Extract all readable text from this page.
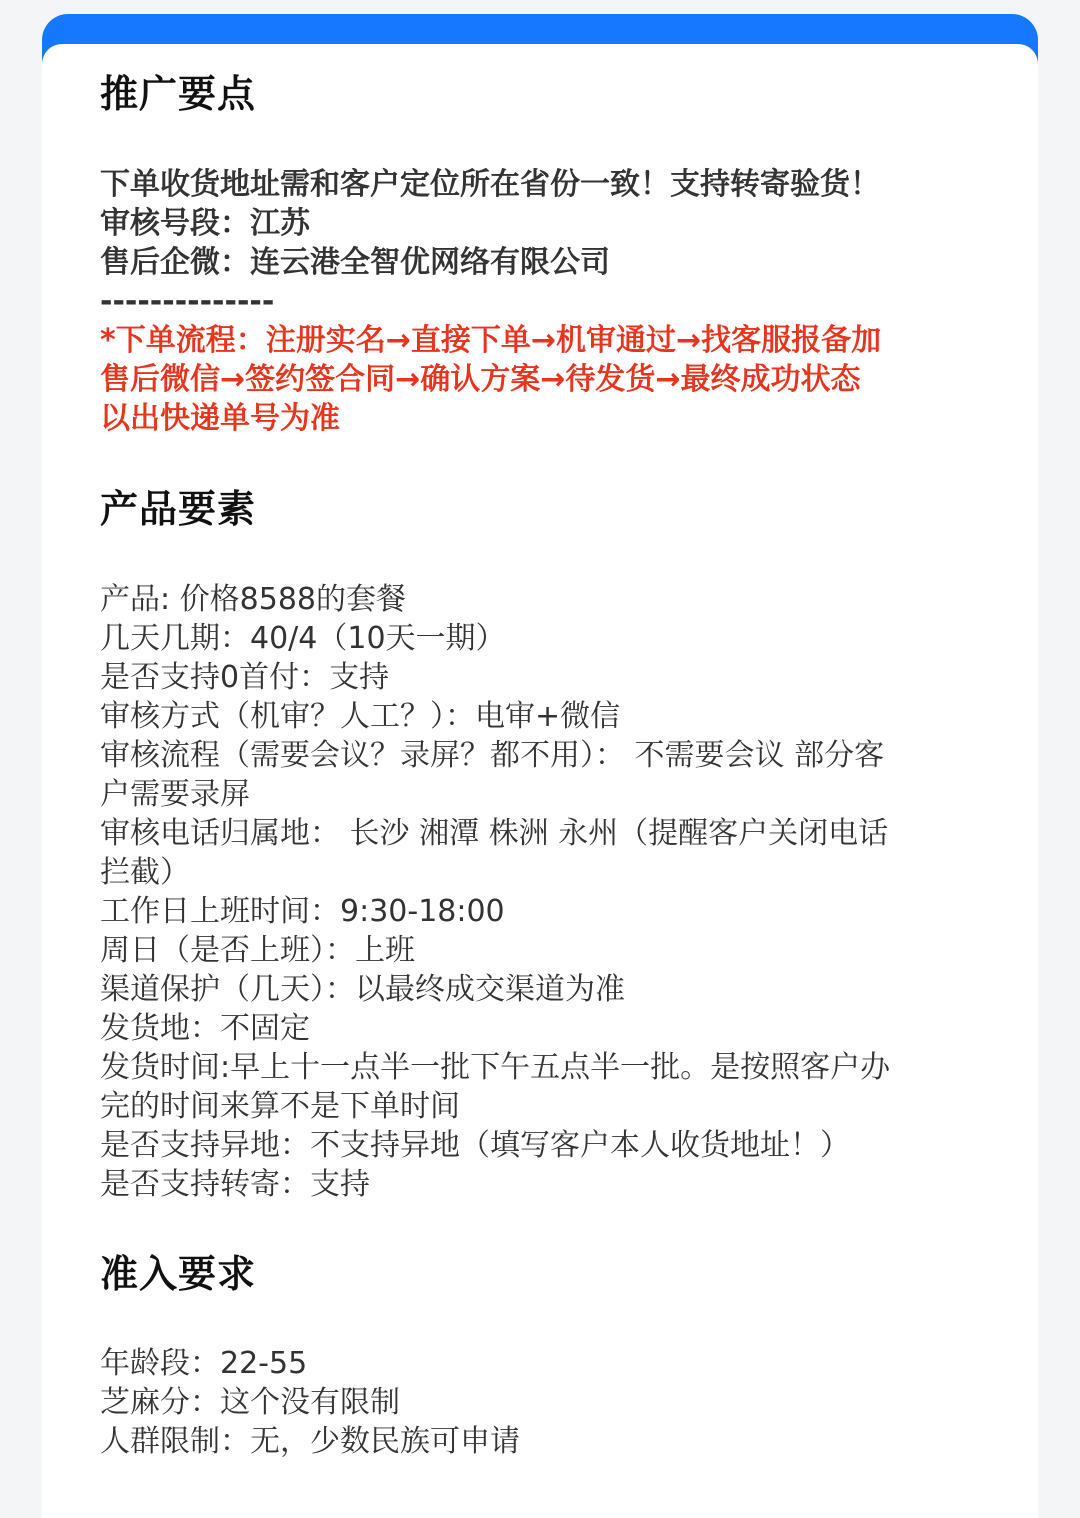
推广要点
下单收货地址需和客户定位所在省份一致！支持转寄验货！
审核号段：江苏
售后企微：连云港全智优网络有限公司
--------------
*下单流程：注册实名→直接下单→机审通过→找客服报备加
售后微信→签约签合同→确认方案→待发货→最终成功状态
以出快递单号为准
产品要素
产品: 价格8588的套餐
几天几期：40/4（10天一期）
是否支持0首付：支持
审核方式（机审？人工？）：电审+微信
审核流程（需要会议？录屏？都不用）： 不需要会议 部分客
户需要录屏
审核电话归属地： 长沙 湘潭 株洲 永州（提醒客户关闭电话
拦截）
工作日上班时间：9:30-18:00
周日（是否上班）：上班
渠道保护（几天）：以最终成交渠道为准
发货地：不固定
发货时间:早上十一点半一批下午五点半一批。是按照客户办
完的时间来算不是下单时间
是否支持异地：不支持异地（填写客户本人收货地址！）
是否支持转寄：支持
准入要求
年龄段：22-55
芝麻分：这个没有限制
人群限制：无，少数民族可申请
